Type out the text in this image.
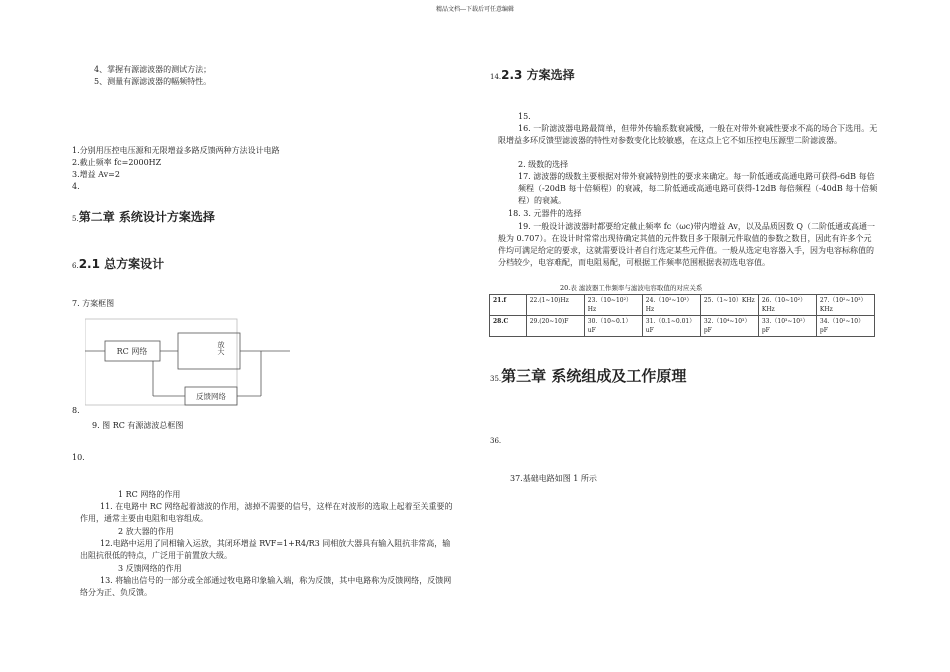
精品文档---下载后可任意编辑
4、掌握有源滤波器的测试方法；
5、测量有源滤波器的幅频特性。
1.分别用压控电压源和无限增益多路反馈两种方法设计电路
2.截止频率 fc=2000HZ
3.增益 Av=2
4.
5.第二章 系统设计方案选择
6.2.1 总方案设计
7. 方案框图
RC 网络	放大
反馈网络
8.
9. 图 RC 有源滤波总框图
10.
1 RC 网络的作用
11. 在电路中 RC 网络起着滤波的作用，滤掉不需要的信号，这样在对波形的选取上起着至关重要的作用，通常主要由电阻和电容组成。
2 放大器的作用
12.电路中运用了同相输入运放，其闭环增益 RVF=1+R4/R3 同相放大器具有输入阻抗非常高，输出阻抗很低的特点，广泛用于前置放大级。
3 反馈网络的作用
13. 将输出信号的一部分或全部通过牧电路印象输入端，称为反馈，其中电路称为反馈网络，反馈网络分为正、负反馈。
14.2.3 方案选择
15.
16. 一阶滤波器电路最简单，但带外传输系数衰减慢，一般在对带外衰减性要求不高的场合下选用。无限增益多环反馈型滤波器的特性对参数变化比较敏感，在这点上它不如压控电压源型二阶滤波器。
2. 级数的选择
17. 滤波器的级数主要根据对带外衰减特别性的要求来确定。每一阶低通或高通电路可获得-6dB 每倍频程（-20dB 每十倍频程）的衰减，每二阶低通或高通电路可获得-12dB 每倍频程（-40dB 每十倍频程）的衰减。
18. 3. 元器件的选择
19. 一般设计滤波器时都要给定截止频率 fc（ωc)带内增益 Av，以及品质因数 Q（二阶低通或高通一般为 0.707）。在设计时常常出现待确定其值的元件数目多于限制元件取值的参数之数目，因此有许多个元件均可满足给定的要求，这就需要设计者自行选定某些元件值。一般从选定电容器入手，因为电容标称值的分档较少，电容难配，而电阻易配，可根据工作频率范围根据表初选电容值。
20.表 滤波器工作频率与滤波电容取值的对应关系
21.f	22.(1~10)Hz	23.（10~10²）Hz	24.（10²~10³）Hz	25.（1~10）KHz	26.（10~10²）KHz	27.（10²~10³）KHz
28.C	29.(20~10)F	30.（10~0.1）uF	31.（0.1~0.01）uF	32.（10⁴~10³）pF	33.（10³~10²）pF	34.（10²~10）pF
35.第三章 系统组成及工作原理
36.
37.基础电路如图 1 所示
